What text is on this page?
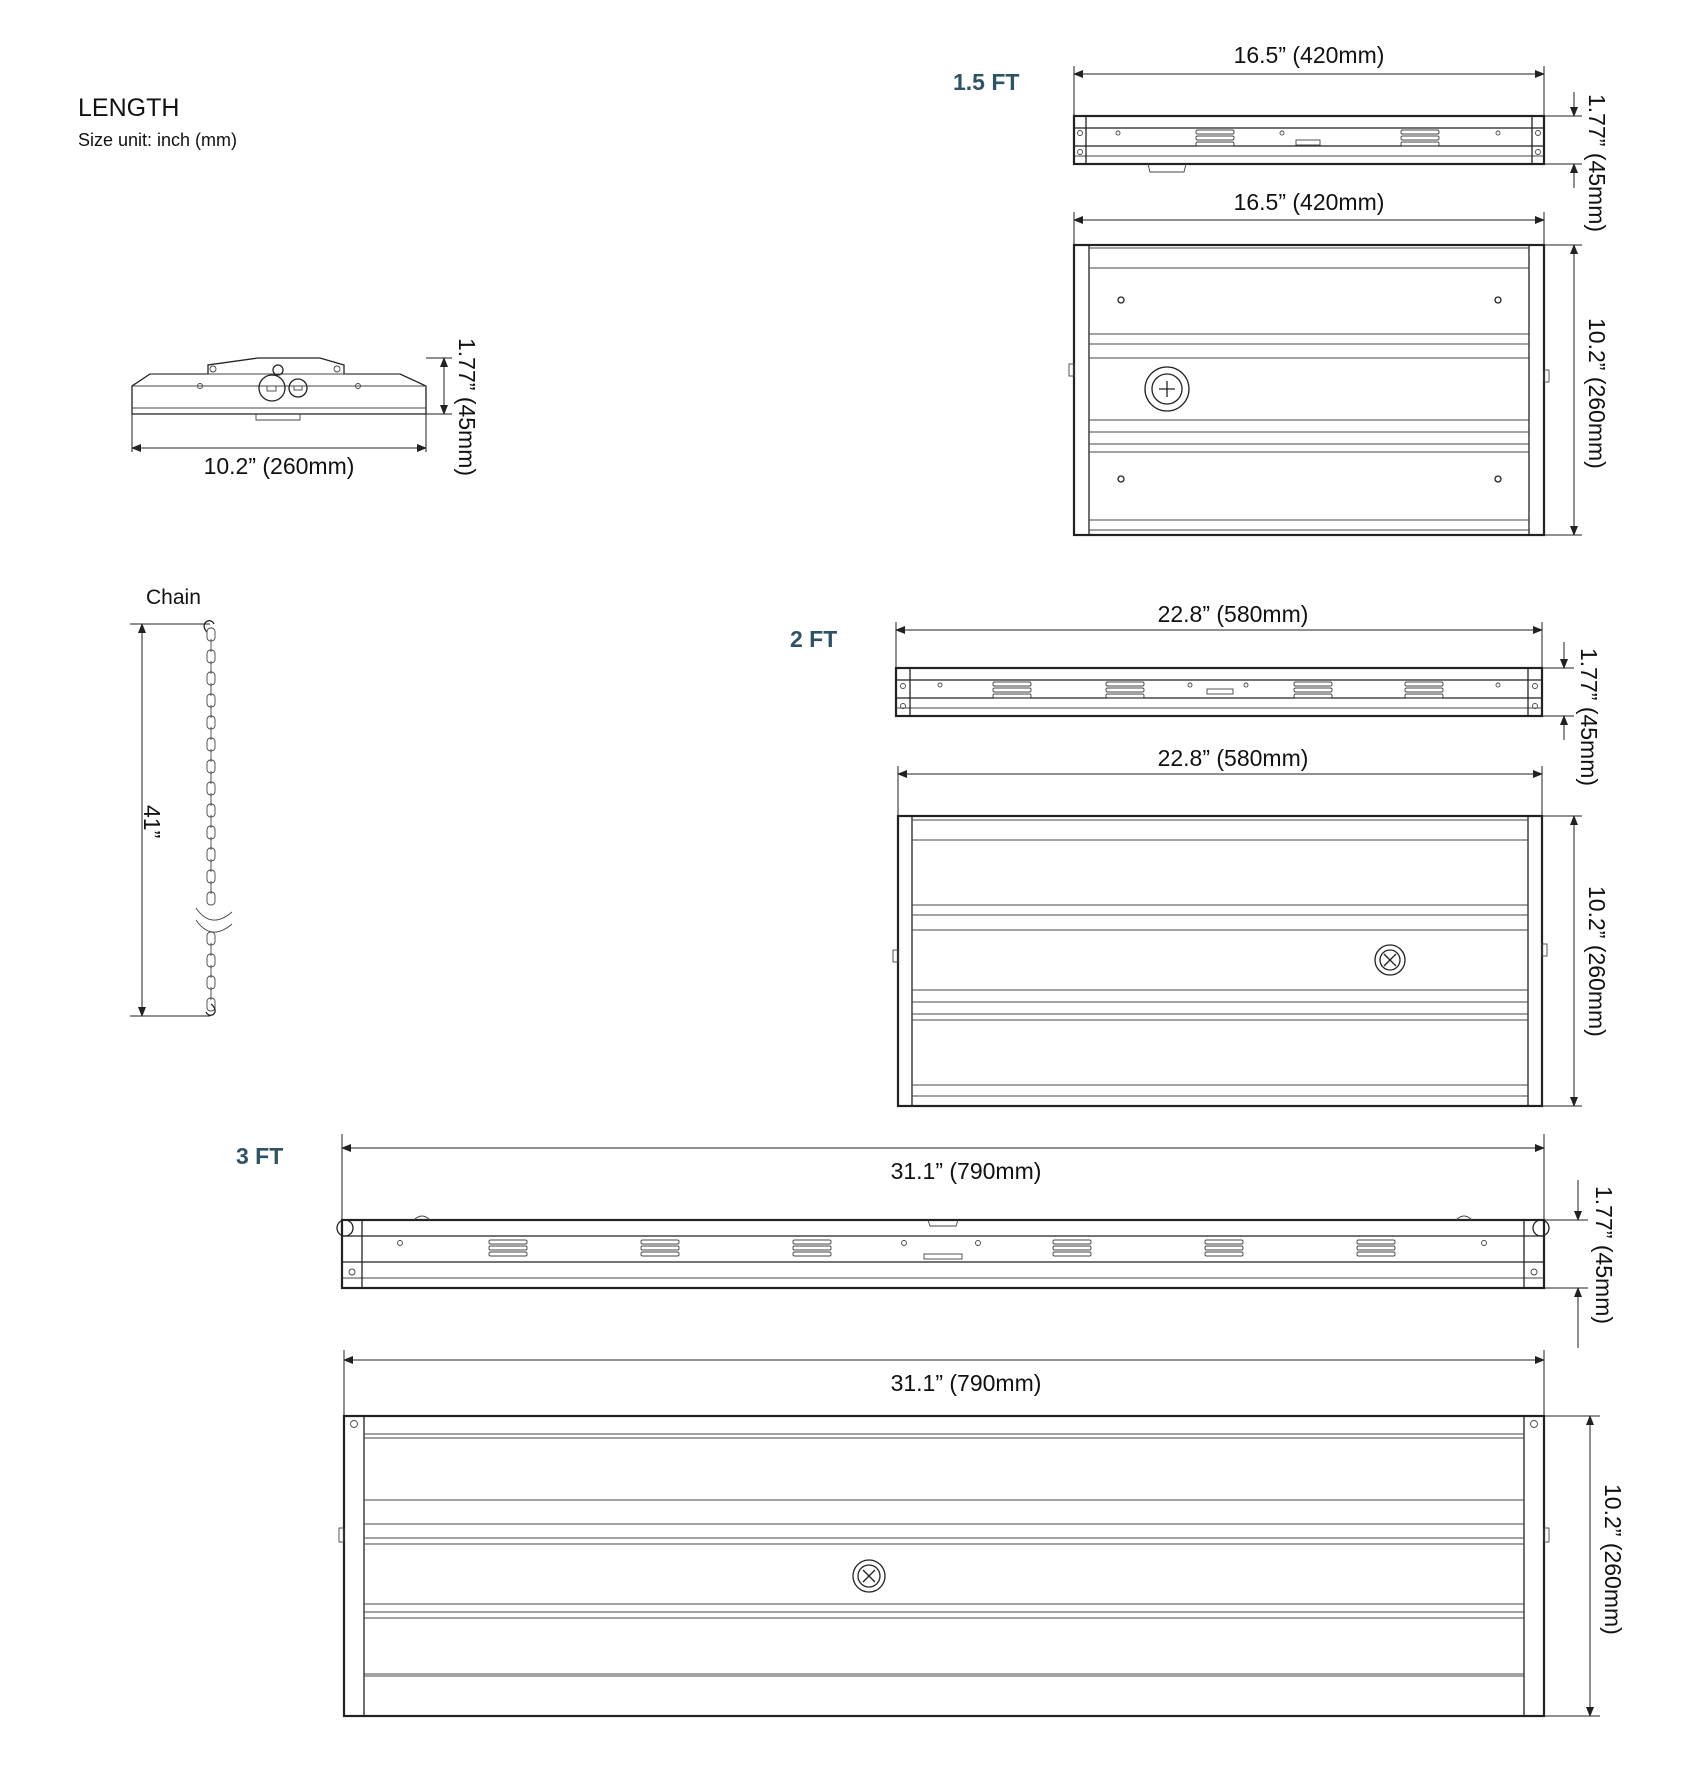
LENGTH
Size unit: inch (mm)
1.77” (45mm)
10.2” (260mm)
Chain
41”
1.5 FT
16.5” (420mm)
1.77” (45mm)
16.5” (420mm)
10.2” (260mm)
2 FT
22.8” (580mm)
1.77” (45mm)
22.8” (580mm)
10.2” (260mm)
3 FT
31.1” (790mm)
1.77” (45mm)
31.1” (790mm)
10.2” (260mm)
